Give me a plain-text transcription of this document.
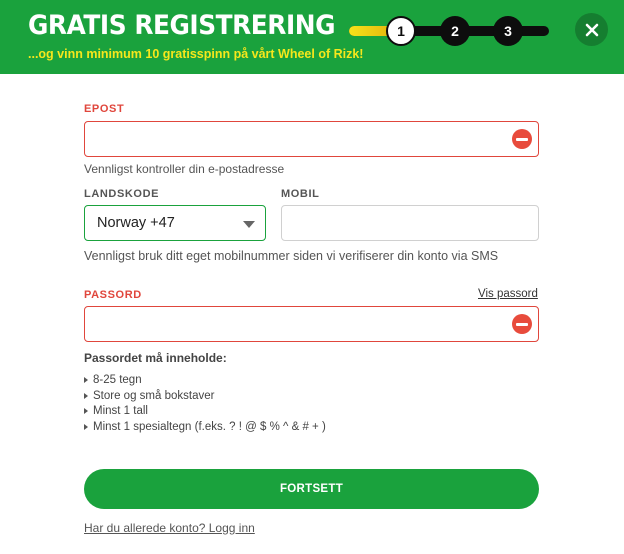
GRATIS REGISTRERING
...og vinn minimum 10 gratisspinn på vårt Wheel of Rizk!
1	2	3
EPOST
Vennligst kontroller din e-postadresse
LANDSKODE
Norway +47
MOBIL
Vennligst bruk ditt eget mobilnummer siden vi verifiserer din konto via SMS
PASSORD	Vis passord
Passordet må inneholde:
8-25 tegn
Store og små bokstaver
Minst 1 tall
Minst 1 spesialtegn (f.eks. ? ! @ $ % ^ & # + )
FORTSETT
Har du allerede konto? Logg inn
